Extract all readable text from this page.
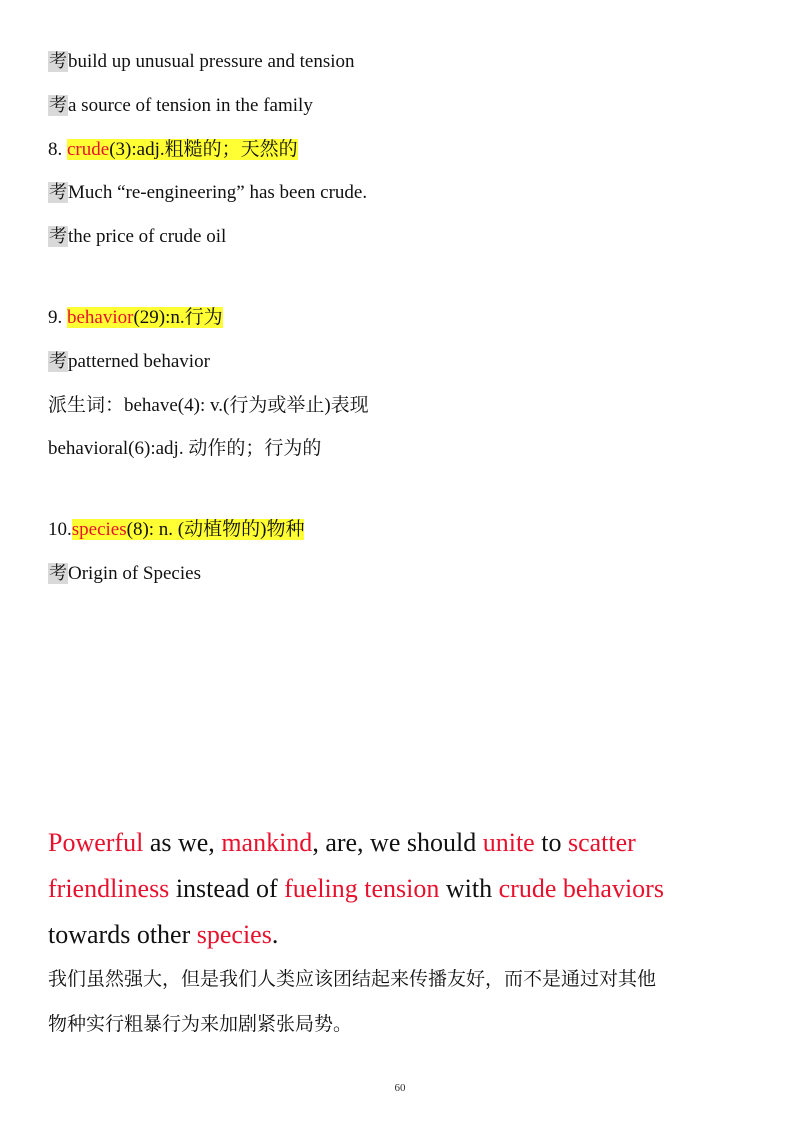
考build up unusual pressure and tension
考a source of tension in the family
8. crude(3):adj.粗糙的；天然的
考Much “re-engineering” has been crude.
考the price of crude oil
9. behavior(29):n.行为
考patterned behavior
派生词：behave(4): v.(行为或举止)表现
behavioral(6):adj. 动作的；行为的
10.species(8): n. (动植物的)物种
考Origin of Species
Powerful as we, mankind, are, we should unite to scatter
friendliness instead of fueling tension with crude behaviors
towards other species.
我们虽然强大，但是我们人类应该团结起来传播友好，而不是通过对其他
物种实行粗暴行为来加剧紧张局势。
60
